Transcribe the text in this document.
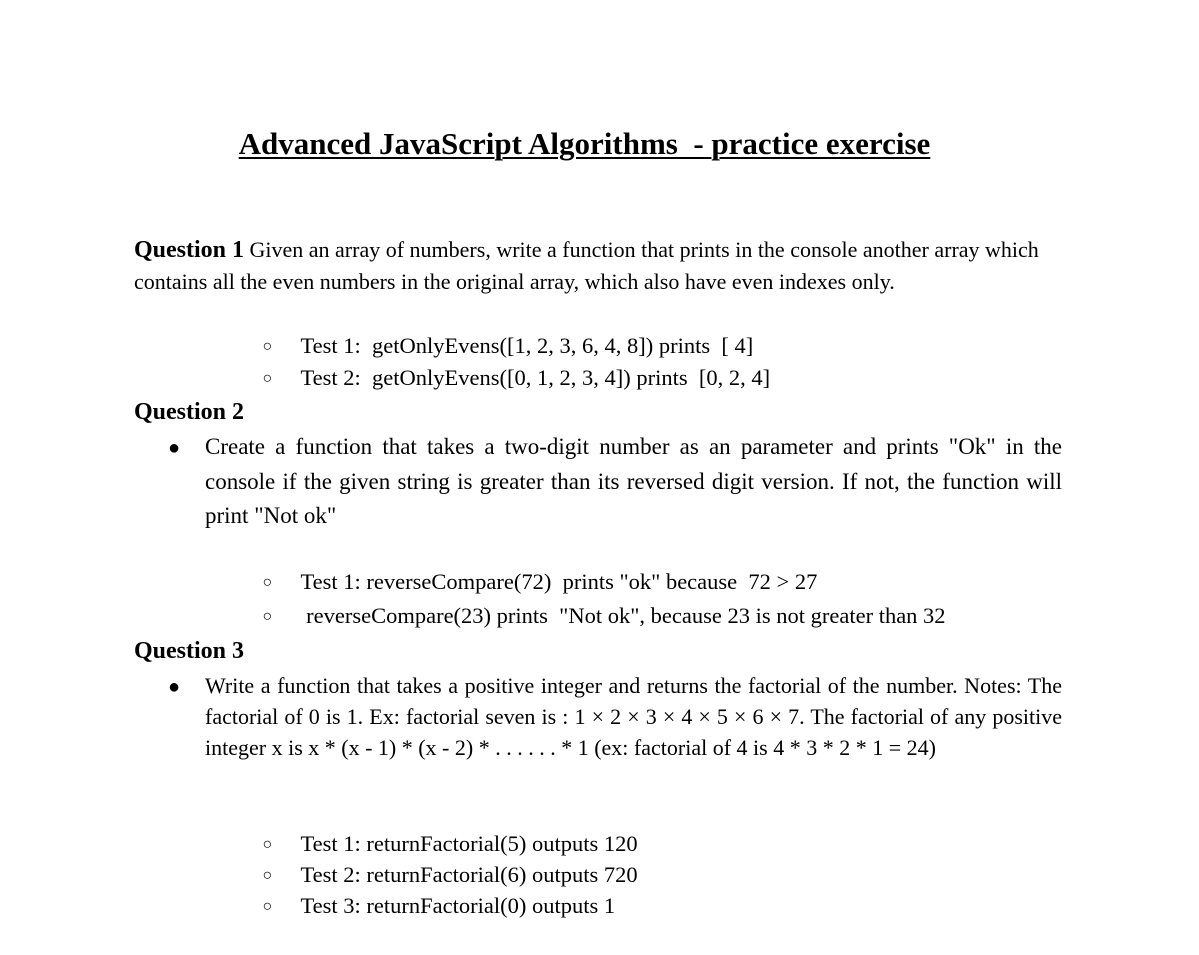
Advanced JavaScript Algorithms  - practice exercise
Question 1 Given an array of numbers, write a function that prints in the console another array which contains all the even numbers in the original array, which also have even indexes only.

○ Test 1:  getOnlyEvens([1, 2, 3, 6, 4, 8]) prints  [ 4]

○ Test 2:  getOnlyEvens([0, 1, 2, 3, 4]) prints  [0, 2, 4]

Question 2
● Create a function that takes a two-digit number as an parameter and prints "Ok" in the console if the given string is greater than its reversed digit version. If not, the function will print "Not ok"

○ Test 1: reverseCompare(72)  prints "ok" because  72 > 27

○ reverseCompare(23) prints  "Not ok", because 23 is not greater than 32

Question 3
● Write a function that takes a positive integer and returns the factorial of the number. Notes: The factorial of 0 is 1. Ex: factorial seven is : 1 × 2 × 3 × 4 × 5 × 6 × 7. The factorial of any positive integer x is x * (x - 1) * (x - 2) * . . . . . . * 1 (ex: factorial of 4 is 4 * 3 * 2 * 1 = 24)

○ Test 1: returnFactorial(5) outputs 120

○ Test 2: returnFactorial(6) outputs 720

○ Test 3: returnFactorial(0) outputs 1
